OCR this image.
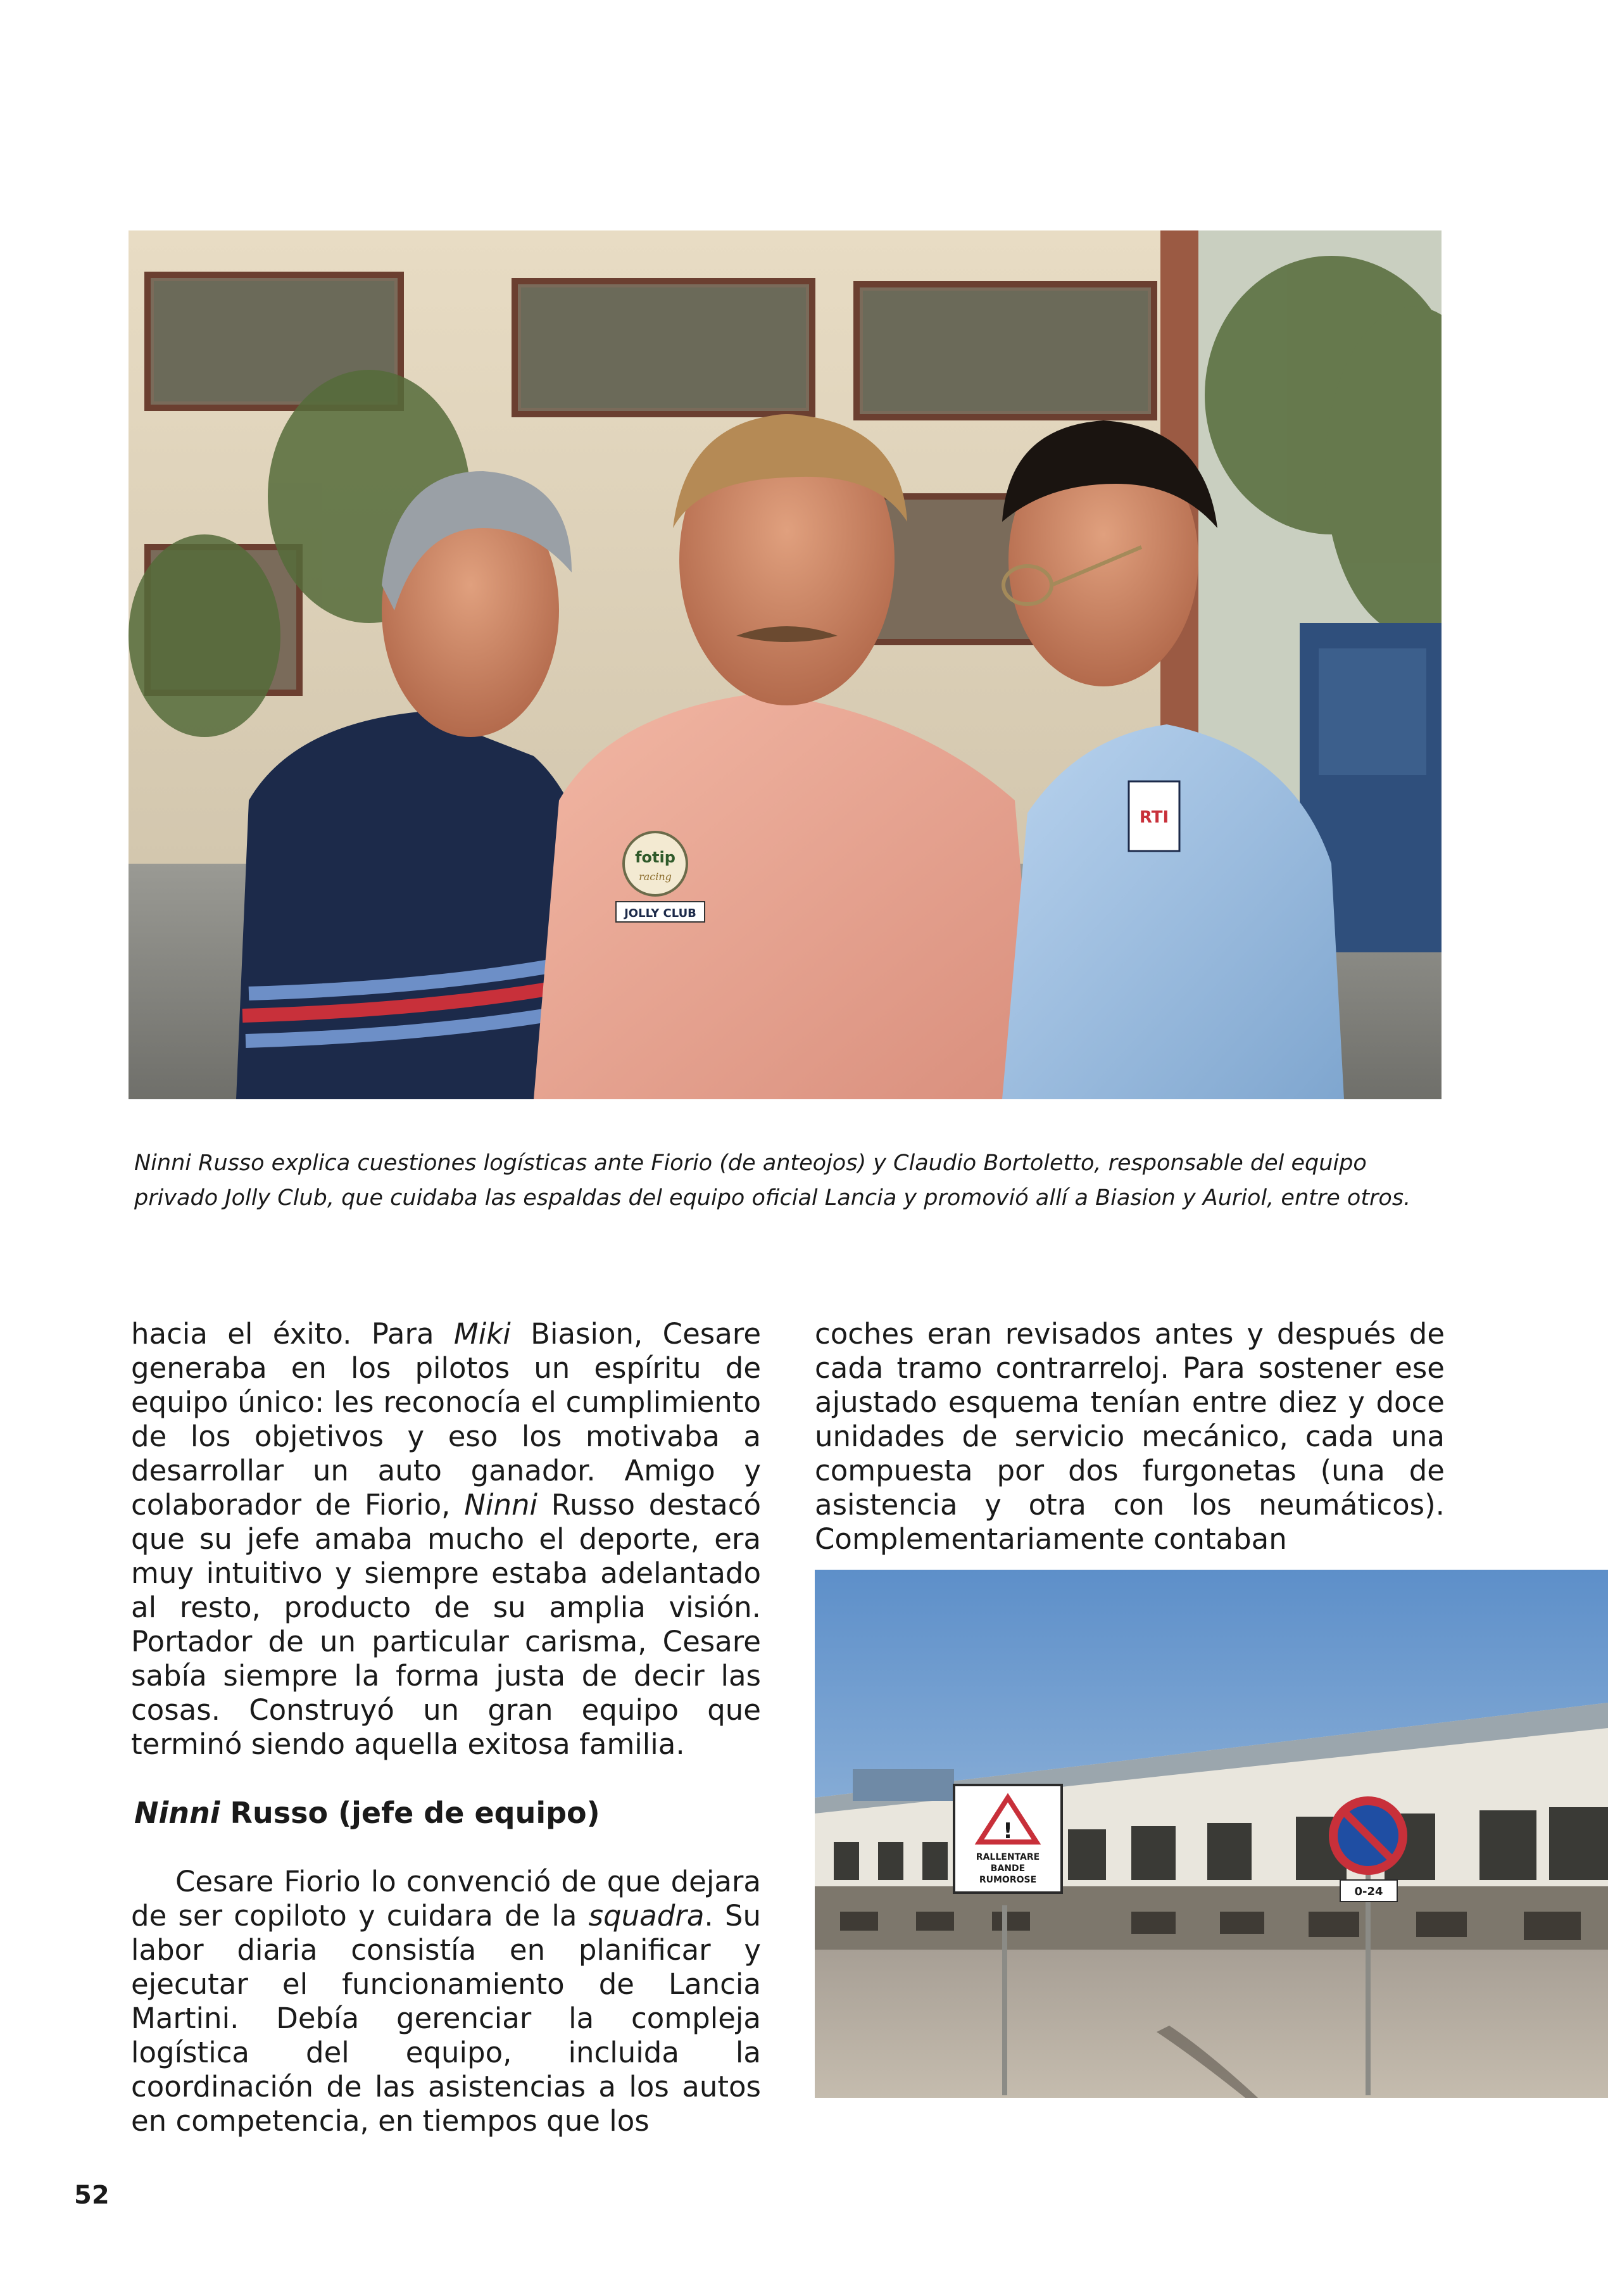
fotip
racing
JOLLY CLUB
RTI
Ninni Russo explica cuestiones logísticas ante Fiorio (de anteojos) y Claudio Bortoletto, responsable del equipo privado Jolly Club, que cuidaba las espaldas del equipo oficial Lancia y promovió allí a Biasion y Auriol, entre otros.

hacia el éxito. Para Miki Biasion, Cesare generaba en los pilotos un espíritu de equipo único: les reconocía el cumplimiento de los objetivos y eso los motivaba a desarrollar un auto ganador. Amigo y colaborador de Fiorio, Ninni Russo destacó que su jefe amaba mucho el deporte, era muy intuitivo y siempre estaba adelantado al resto, producto de su amplia visión. Portador de un particular carisma, Cesare sabía siempre la forma justa de decir las cosas. Construyó un gran equipo que terminó siendo aquella exitosa familia.

Ninni Russo (jefe de equipo)

Cesare Fiorio lo convenció de que dejara de ser copiloto y cuidara de la squadra. Su labor diaria consistía en planificar y ejecutar el funcionamiento de Lancia Martini. Debía gerenciar la compleja logística del equipo, incluida la coordinación de las asistencias a los autos en competencia, en tiempos que los

coches eran revisados antes y después de cada tramo contrarreloj. Para sostener ese ajustado esquema tenían entre diez y doce unidades de servicio mecánico, cada una compuesta por dos furgonetas (una de asistencia y otra con los neumáticos). Complementariamente contaban

!
RALLENTARE
BANDE
RUMOROSE
0-24
52
